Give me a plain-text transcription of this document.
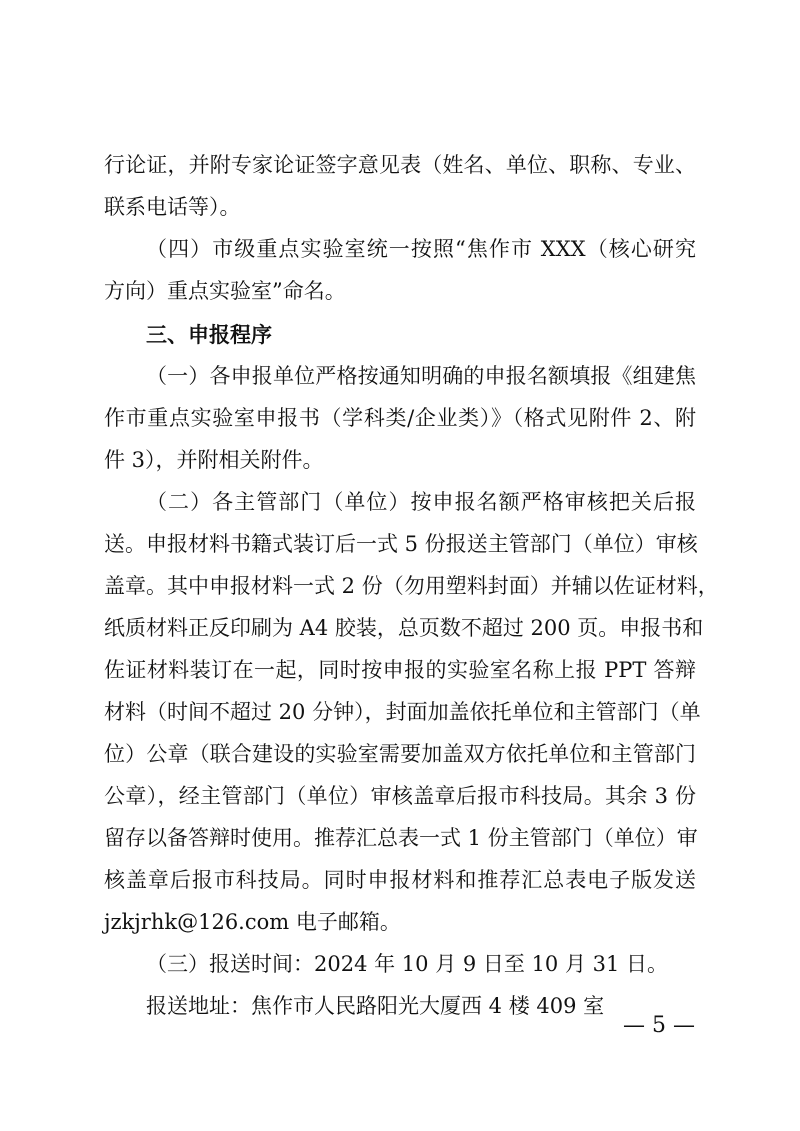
行论证，并附专家论证签字意见表（姓名、单位、职称、专业、
联系电话等）。
（四）市级重点实验室统一按照“焦作市 XXX（核心研究
方向）重点实验室”命名。
三、申报程序
（一）各申报单位严格按通知明确的申报名额填报《组建焦
作市重点实验室申报书（学科类/企业类）》（格式见附件 2、附
件 3），并附相关附件。
（二）各主管部门（单位）按申报名额严格审核把关后报
送。申报材料书籍式装订后一式 5 份报送主管部门（单位）审核
盖章。其中申报材料一式 2 份（勿用塑料封面）并辅以佐证材料，
纸质材料正反印刷为 A4 胶装，总页数不超过 200 页。申报书和
佐证材料装订在一起，同时按申报的实验室名称上报 PPT 答辩
材料（时间不超过 20 分钟），封面加盖依托单位和主管部门（单
位）公章（联合建设的实验室需要加盖双方依托单位和主管部门
公章），经主管部门（单位）审核盖章后报市科技局。其余 3 份
留存以备答辩时使用。推荐汇总表一式 1 份主管部门（单位）审
核盖章后报市科技局。同时申报材料和推荐汇总表电子版发送
jzkjrhk@126.com 电子邮箱。
（三）报送时间：2024 年 10 月 9 日至 10 月 31 日。
报送地址：焦作市人民路阳光大厦西 4 楼 409 室
— 5 —
